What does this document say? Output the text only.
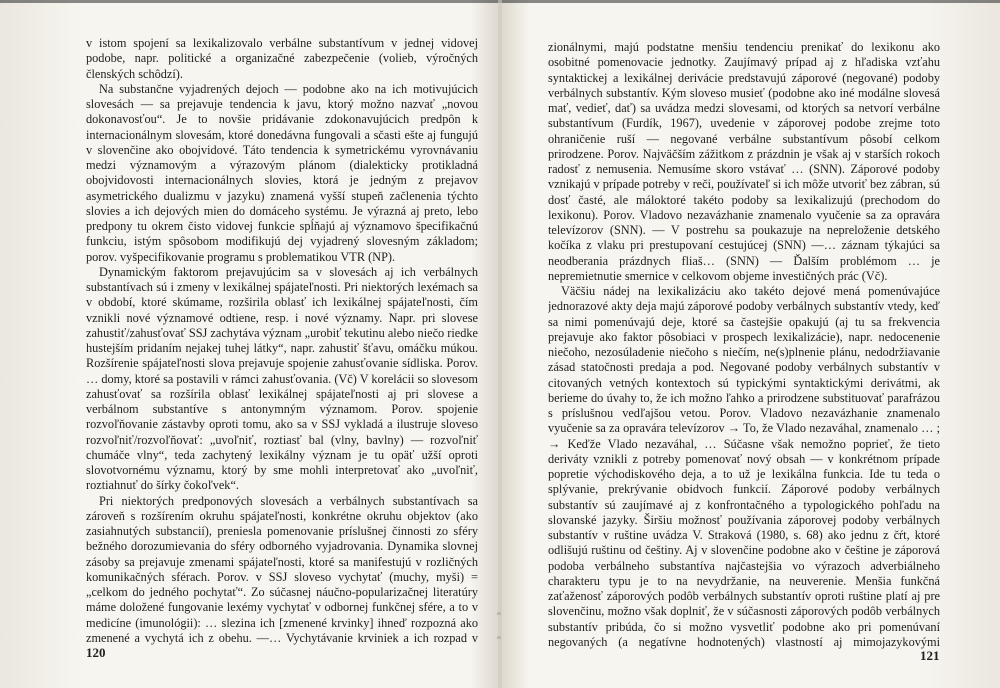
v istom spojení sa lexikalizovalo verbálne substantívum v jednej vidovej podobe, napr. politické a organizačné zabezpečenie (volieb, výročných členských schôdzí).

Na substančne vyjadrených dejoch — podobne ako na ich motivujúcich slovesách — sa prejavuje tendencia k javu, ktorý možno nazvať „novou dokonavosťou“. Je to novšie pridávanie zdokonavujúcich predpôn k internacionálnym slovesám, ktoré donedávna fungovali a sčasti ešte aj fungujú v slovenčine ako obojvidové. Táto tendencia k symetrickému vyrovnávaniu medzi významovým a výrazovým plánom (dialekticky protikladná obojvidovosti internacionálnych slovies, ktorá je jedným z prejavov asymetrického dualizmu v jazyku) znamená vyšší stupeň začlenenia týchto slovies a ich dejových mien do domáceho systému. Je výrazná aj preto, lebo predpony tu okrem čisto vidovej funkcie spĺňajú aj významovo špecifikačnú funkciu, istým spôsobom modifikujú dej vyjadrený slovesným základom; porov. vyšpecifikovanie programu s problematikou VTR (NP).

Dynamickým faktorom prejavujúcim sa v slovesách aj ich verbálnych substantívach sú i zmeny v lexikálnej spájateľnosti. Pri niektorých lexémach sa v období, ktoré skúmame, rozširila oblasť ich lexikálnej spájateľnosti, čím vznikli nové významové odtiene, resp. i nové významy. Napr. pri slovese zahustiť/zahusťovať SSJ zachytáva význam „urobiť tekutinu alebo niečo riedke hustejším pridaním nejakej tuhej látky“, napr. zahustiť šťavu, omáčku múkou. Rozšírenie spájateľnosti slova prejavuje spojenie zahusťovanie sídliska. Porov. … domy, ktoré sa postavili v rámci zahusťovania. (Vč) V korelácii so slovesom zahusťovať sa rozšírila oblasť lexikálnej spájateľnosti aj pri slovese a verbálnom substantíve s antonymným významom. Porov. spojenie rozvoľňovanie zástavby oproti tomu, ako sa v SSJ vykladá a ilustruje sloveso rozvoľniť/rozvoľňovať: „uvoľniť, roztiasť bal (vlny, bavlny) — rozvoľniť chumáče vlny“, teda zachytený lexikálny význam je tu opäť užší oproti slovotvornému významu, ktorý by sme mohli interpretovať ako „uvoľniť, roztiahnuť do šírky čokoľvek“.

Pri niektorých predponových slovesách a verbálnych substantívach sa zároveň s rozšírením okruhu spájateľnosti, konkrétne okruhu objektov (ako zasiahnutých substancií), preniesla pomenovanie príslušnej činnosti zo sféry bežného dorozumievania do sféry odborného vyjadrovania. Dynamika slovnej zásoby sa prejavuje zmenami spájateľnosti, ktoré sa manifestujú v rozličných komunikačných sférach. Porov. v SSJ sloveso vychytať (muchy, myši) = „celkom do jedného pochytať“. Zo súčasnej náučno-popularizačnej literatúry máme doložené fungovanie lexémy vychytať v odbornej funkčnej sfére, a to v medicíne (imunológii): … slezina ich [zmenené krvinky] ihneď rozpozná ako zmenené a vychytá ich z obehu. —… Vychytávanie krviniek a ich rozpad v

zionálnymi, majú podstatne menšiu tendenciu prenikať do lexikonu ako osobitné pomenovacie jednotky. Zaujímavý prípad aj z hľadiska vzťahu syntaktickej a lexikálnej derivácie predstavujú záporové (negované) podoby verbálnych substantív. Kým sloveso musieť (podobne ako iné modálne slovesá mať, vedieť, dať) sa uvádza medzi slovesami, od ktorých sa netvorí verbálne substantívum (Furdík, 1967), uvedenie v záporovej podobe zrejme toto ohraničenie ruší — negované verbálne substantívum pôsobí celkom prirodzene. Porov. Najväčším zážitkom z prázdnin je však aj v starších rokoch radosť z nemusenia. Nemusíme skoro vstávať … (SNN). Záporové podoby vznikajú v prípade potreby v reči, používateľ si ich môže utvoriť bez zábran, sú dosť časté, ale máloktoré takéto podoby sa lexikalizujú (prechodom do lexikonu). Porov. Vladovo nezavázhanie znamenalo vyučenie sa za opravára televízorov (SNN). — V postrehu sa poukazuje na nepreloženie detského kočíka z vlaku pri prestupovaní cestujúcej (SNN) —… záznam týkajúci sa neodberania prázdnych fliaš… (SNN) — Ďalším problémom … je nepremietnutie smernice v celkovom objeme investičných prác (Vč).

Väčšiu nádej na lexikalizáciu ako takéto dejové mená pomenúvajúce jednorazové akty deja majú záporové podoby verbálnych substantív vtedy, keď sa nimi pomenúvajú deje, ktoré sa častejšie opakujú (aj tu sa frekvencia prejavuje ako faktor pôsobiaci v prospech lexikalizácie), napr. nedocenenie niečoho, nezosúladenie niečoho s niečím, ne(s)plnenie plánu, nedodržiavanie zásad statočnosti predaja a pod. Negované podoby verbálnych substantív v citovaných vetných kontextoch sú typickými syntaktickými derivátmi, ak berieme do úvahy to, že ich možno ľahko a prirodzene substituovať parafrázou s príslušnou vedľajšou vetou. Porov. Vladovo nezavázhanie znamenalo vyučenie sa za opravára televízorov → To, že Vlado nezaváhal, znamenalo … ; → Keďže Vlado nezaváhal, … Súčasne však nemožno poprieť, že tieto deriváty vznikli z potreby pomenovať nový obsah — v konkrétnom prípade popretie východiskového deja, a to už je lexikálna funkcia. Ide tu teda o splývanie, prekrývanie obidvoch funkcií. Záporové podoby verbálnych substantív sú zaujímavé aj z konfrontačného a typologického pohľadu na slovanské jazyky. Širšiu možnosť používania záporovej podoby verbálnych substantív v ruštine uvádza V. Straková (1980, s. 68) ako jednu z čŕt, ktoré odlišujú ruštinu od češtiny. Aj v slovenčine podobne ako v češtine je záporová podoba verbálneho substantíva najčastejšia vo výrazoch adverbiálneho charakteru typu je to na nevydržanie, na neuverenie. Menšia funkčná zaťaženosť záporových podôb verbálnych substantív oproti ruštine platí aj pre slovenčinu, možno však doplniť, že v súčasnosti záporových podôb verbálnych substantív pribúda, čo si možno vysvetliť podobne ako pri pomenúvaní negovaných (a negatívne hodnotených) vlastností aj mimojazykovými

120	121
